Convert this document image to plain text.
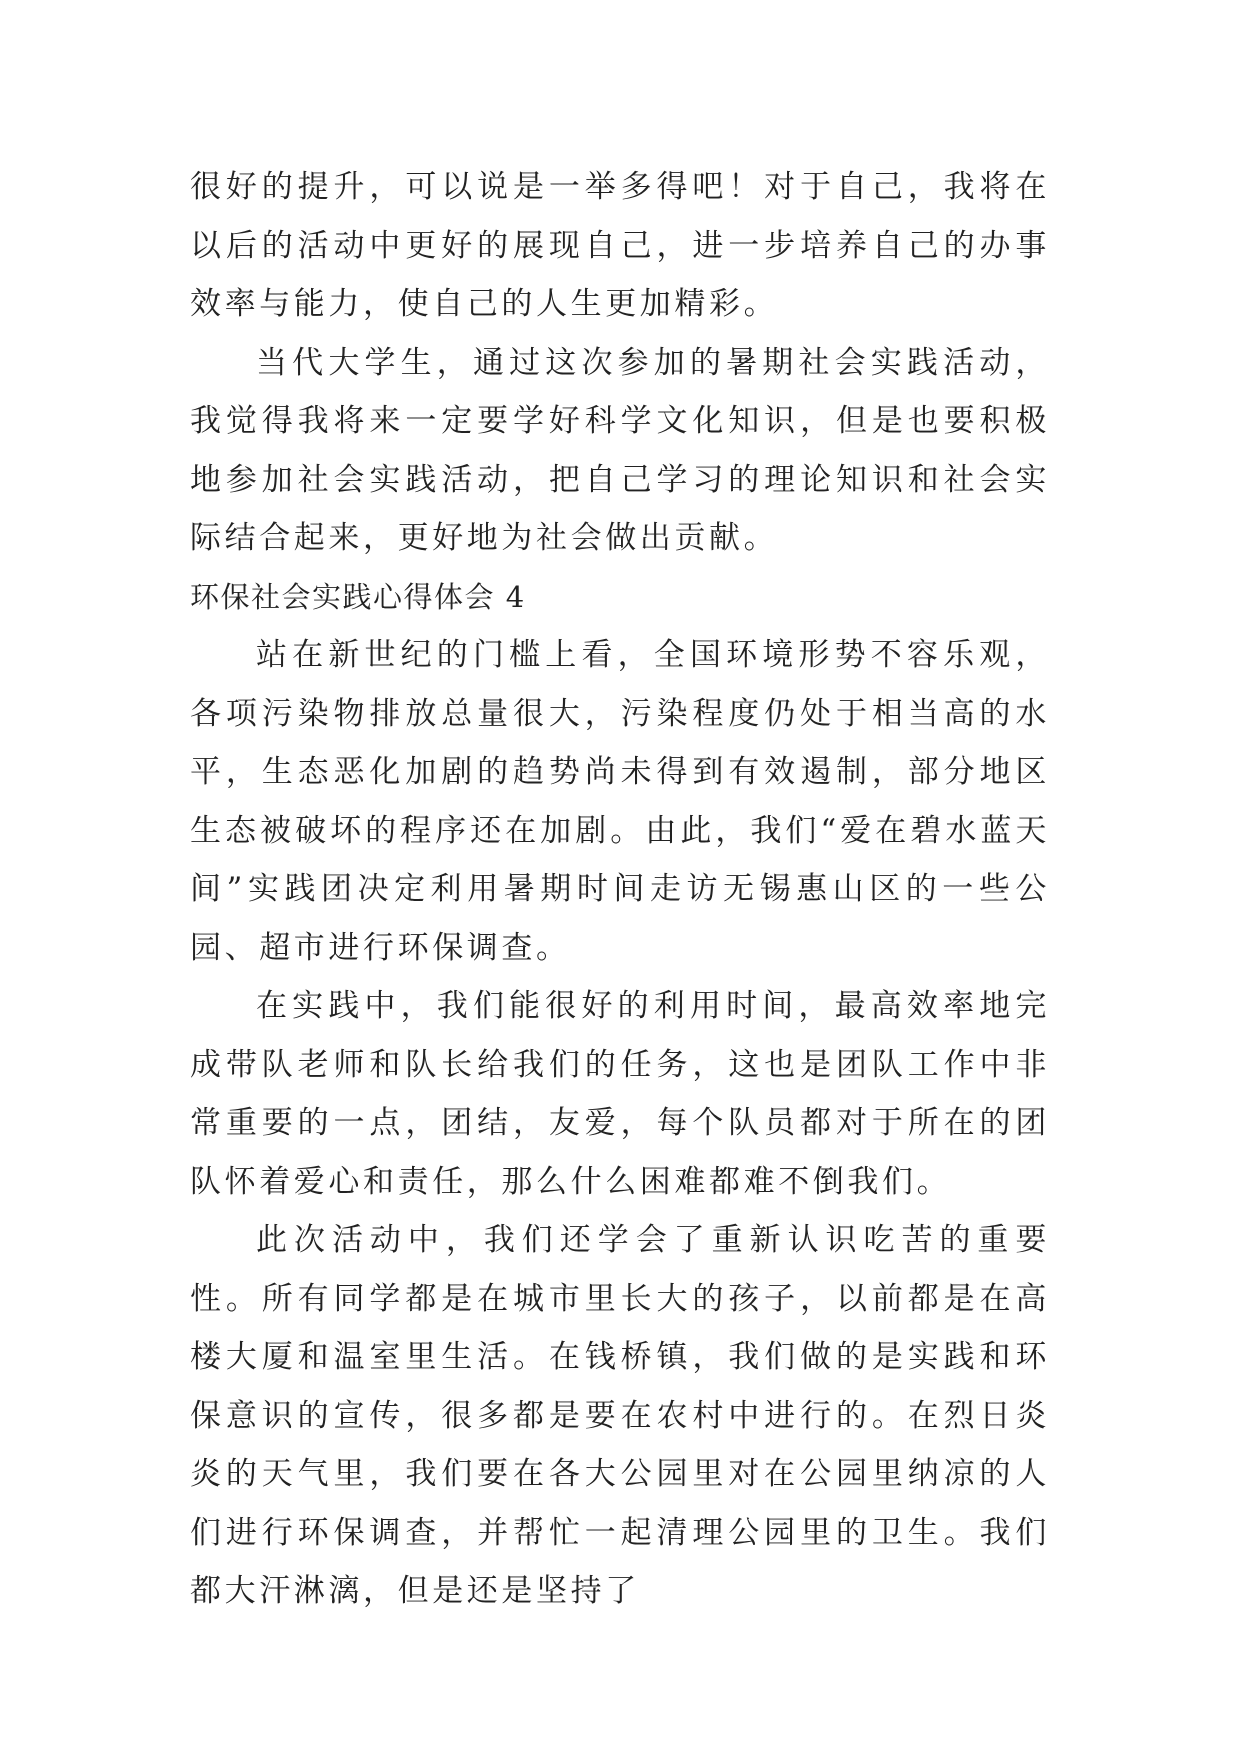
很好的提升，可以说是一举多得吧！对于自己，我将在以后的活动中更好的展现自己，进一步培养自己的办事效率与能力，使自己的人生更加精彩。

当代大学生，通过这次参加的暑期社会实践活动，我觉得我将来一定要学好科学文化知识，但是也要积极地参加社会实践活动，把自己学习的理论知识和社会实际结合起来，更好地为社会做出贡献。

环保社会实践心得体会 4

站在新世纪的门槛上看，全国环境形势不容乐观，各项污染物排放总量很大，污染程度仍处于相当高的水平，生态恶化加剧的趋势尚未得到有效遏制，部分地区生态被破坏的程序还在加剧。由此，我们“爱在碧水蓝天间”实践团决定利用暑期时间走访无锡惠山区的一些公园、超市进行环保调查。

在实践中，我们能很好的利用时间，最高效率地完成带队老师和队长给我们的任务，这也是团队工作中非常重要的一点，团结，友爱，每个队员都对于所在的团队怀着爱心和责任，那么什么困难都难不倒我们。

此次活动中，我们还学会了重新认识吃苦的重要性。所有同学都是在城市里长大的孩子，以前都是在高楼大厦和温室里生活。在钱桥镇，我们做的是实践和环保意识的宣传，很多都是要在农村中进行的。在烈日炎炎的天气里，我们要在各大公园里对在公园里纳凉的人们进行环保调查，并帮忙一起清理公园里的卫生。我们都大汗淋漓，但是还是坚持了
